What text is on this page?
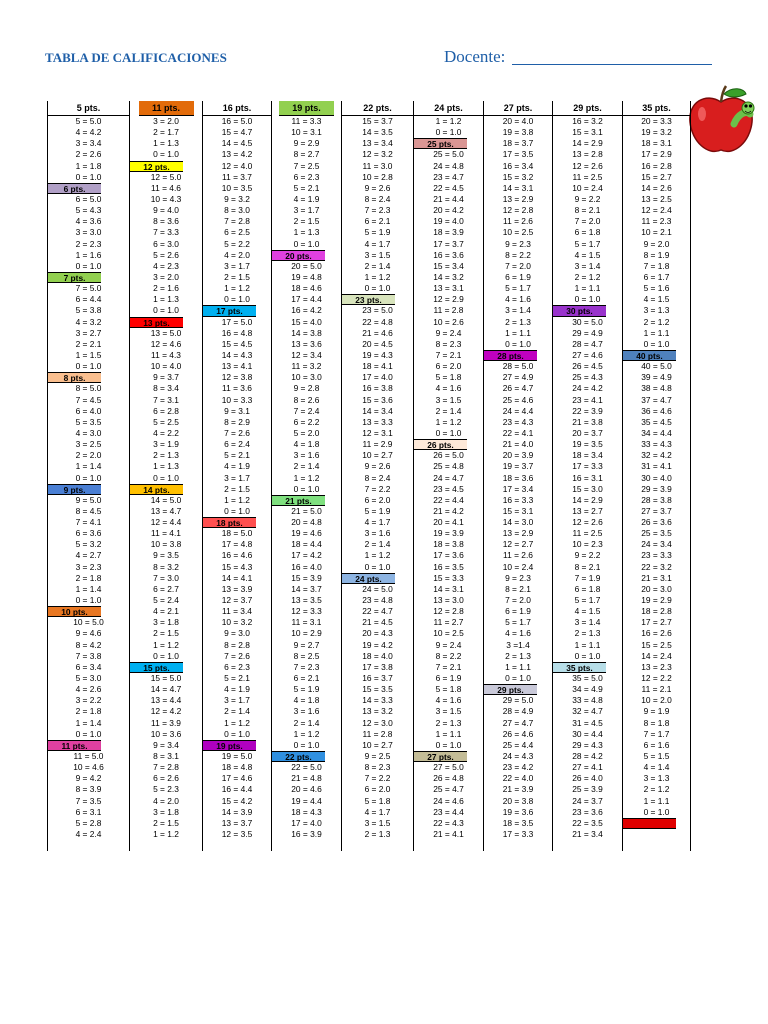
TABLA DE CALIFICACIONES	Docente:
5 pts.
5 = 5.0
4 = 4.2
3 = 3.4
2 = 2.6
1 = 1.8
0 = 1.0
6 pts.
6 = 5.0
5 = 4.3
4 = 3.6
3 = 3.0
2 = 2.3
1 = 1.6
0 = 1.0
7 pts.
7 = 5.0
6 = 4.4
5 = 3.8
4 = 3.2
3 = 2.7
2 = 2.1
1 = 1.5
0 = 1.0
8 pts.
8 = 5.0
7 = 4.5
6 = 4.0
5 = 3.5
4 = 3.0
3 = 2.5
2 = 2.0
1 = 1.4
0 = 1.0
9 pts.
9 = 5.0
8 = 4.5
7 = 4.1
6 = 3.6
5 = 3.2
4 = 2.7
3 = 2.3
2 = 1.8
1 = 1.4
0 = 1.0
10 pts.
10 = 5.0
9 = 4.6
8 = 4.2
7 = 3.8
6 = 3.4
5 = 3.0
4 = 2.6
3 = 2.2
2 = 1.8
1 = 1.4
0 = 1.0
11 pts.
11 = 5.0
10 = 4.6
9 = 4.2
8 = 3.9
7 = 3.5
6 = 3.1
5 = 2.8
4 = 2.4
11 pts.
3 = 2.0
2 = 1.7
1 = 1.3
0 = 1.0
12 pts.
12 = 5.0
11 = 4.6
10 = 4.3
9 = 4.0
8 = 3.6
7 = 3.3
6 = 3.0
5 = 2.6
4 = 2.3
3 = 2.0
2 = 1.6
1 = 1.3
0 = 1.0
13 pts.
13 = 5.0
12 = 4.6
11 = 4.3
10 = 4.0
9 = 3.7
8 = 3.4
7 = 3.1
6 = 2.8
5 = 2.5
4 = 2.2
3 = 1.9
2 = 1.3
1 = 1.3
0 = 1.0
14 pts.
14 = 5.0
13 = 4.7
12 = 4.4
11 = 4.1
10 = 3.8
9 = 3.5
8 = 3.2
7 = 3.0
6 = 2.7
5 = 2.4
4 = 2.1
3 = 1.8
2 = 1.5
1 = 1.2
0 = 1.0
15 pts.
15 = 5.0
14 = 4.7
13 = 4.4
12 = 4.2
11 = 3.9
10 = 3.6
9 = 3.4
8 = 3.1
7 = 2.8
6 = 2.6
5 = 2.3
4 = 2.0
3 = 1.8
2 = 1.5
1 = 1.2
16 pts.
16 = 5.0
15 = 4.7
14 = 4.5
13 = 4.2
12 = 4.0
11 = 3.7
10 = 3.5
9 = 3.2
8 = 3.0
7 = 2.8
6 = 2.5
5 = 2.2
4 = 2.0
3 = 1.7
2 = 1.5
1 = 1.2
0 = 1.0
17 pts.
17 = 5.0
16 = 4.8
15 = 4.5
14 = 4.3
13 = 4.1
12 = 3.8
11 = 3.6
10 = 3.3
9 = 3.1
8 = 2.9
7 = 2.6
6 = 2.4
5 = 2.1
4 = 1.9
3 = 1.7
2 = 1.5
1 = 1.2
0 = 1.0
18 pts.
18 = 5.0
17 = 4.8
16 = 4.6
15 = 4.3
14 = 4.1
13 = 3.9
12 = 3.7
11 = 3.4
10 = 3.2
9 = 3.0
8 = 2.8
7 = 2.6
6 = 2.3
5 = 2.1
4 = 1.9
3 = 1.7
2 = 1.4
1 = 1.2
0 = 1.0
19 pts.
19 = 5.0
18 = 4.8
17 = 4.6
16 = 4.4
15 = 4.2
14 = 3.9
13 = 3.7
12 = 3.5
19 pts.
11 = 3.3
10 = 3.1
9 = 2.9
8 = 2.7
7 = 2.5
6 = 2.3
5 = 2.1
4 = 1.9
3 = 1.7
2 = 1.5
1 = 1.3
0 = 1.0
20 pts.
20 = 5.0
19 = 4.8
18 = 4.6
17 = 4.4
16 = 4.2
15 = 4.0
14 = 3.8
13 = 3.6
12 = 3.4
11 = 3.2
10 = 3.0
9 = 2.8
8 = 2.6
7 = 2.4
6 = 2.2
5 = 2.0
4 = 1.8
3 = 1.6
2 = 1.4
1 = 1.2
0 = 1.0
21 pts.
21 = 5.0
20 = 4.8
19 = 4.6
18 = 4.4
17 = 4.2
16 = 4.0
15 = 3.9
14 = 3.7
13 = 3.5
12 = 3.3
11 = 3.1
10 = 2.9
9 = 2.7
8 = 2.5
7 = 2.3
6 = 2.1
5 = 1.9
4 = 1.8
3 = 1.6
2 = 1.4
1 = 1.2
0 = 1.0
22 pts.
22 = 5.0
21 = 4.8
20 = 4.6
19 = 4.4
18 = 4.3
17 = 4.0
16 = 3.9
22 pts.
15 = 3.7
14 = 3.5
13 = 3.4
12 = 3.2
11 = 3.0
10 = 2.8
9 = 2.6
8 = 2.4
7 = 2.3
6 = 2.1
5 = 1.9
4 = 1.7
3 = 1.5
2 = 1.4
1 = 1.2
0 = 1.0
23 pts.
23 = 5.0
22 = 4.8
21 = 4.6
20 = 4.5
19 = 4.3
18 = 4.1
17 = 4.0
16 = 3.8
15 = 3.6
14 = 3.4
13 = 3.3
12 = 3.1
11 = 2.9
10 = 2.7
9 = 2.6
8 = 2.4
7 = 2.2
6 = 2.0
5 = 1.9
4 = 1.7
3 = 1.6
2 = 1.4
1 = 1.2
0 = 1.0
24 pts.
24 = 5.0
23 = 4.8
22 = 4.7
21 = 4.5
20 = 4.3
19 = 4.2
18 = 4.0
17 = 3.8
16 = 3.7
15 = 3.5
14 = 3.3
13 = 3.2
12 = 3.0
11 = 2.8
10 = 2.7
9 = 2.5
8 = 2.3
7 = 2.2
6 = 2.0
5 = 1.8
4 = 1.7
3 = 1.5
2 = 1.3
24 pts.
1 = 1.2
0 = 1.0
25 pts.
25 = 5.0
24 = 4.8
23 = 4.7
22 = 4.5
21 = 4.4
20 = 4.2
19 = 4.0
18 = 3.9
17 = 3.7
16 = 3.6
15 = 3.4
14 = 3.2
13 = 3.1
12 = 2.9
11 = 2.8
10 = 2.6
9 = 2.4
8 = 2.3
7 = 2.1
6 = 2.0
5 = 1.8
4 = 1.6
3 = 1.5
2 = 1.4
1 = 1.2
0 = 1.0
26 pts.
26 = 5.0
25 = 4.8
24 = 4.7
23 = 4.5
22 = 4.4
21 = 4.2
20 = 4.1
19 = 3.9
18 = 3.8
17 = 3.6
16 = 3.5
15 = 3.3
14 = 3.1
13 = 3.0
12 = 2.8
11 = 2.7
10 = 2.5
9 = 2.4
8 = 2.2
7 = 2.1
6 = 1.9
5 = 1.8
4 = 1.6
3 = 1.5
2 = 1.3
1 = 1.1
0 = 1.0
27 pts.
27 = 5.0
26 = 4.8
25 = 4.7
24 = 4.6
23 = 4.4
22 = 4.3
21 = 4.1
27 pts.
20 = 4.0
19 = 3.8
18 = 3.7
17 = 3.5
16 = 3.4
15 = 3.2
14 = 3.1
13 = 2.9
12 = 2.8
11 = 2.6
10 = 2.5
9 = 2.3
8 = 2.2
7 = 2.0
6 = 1.9
5 = 1.7
4 = 1.6
3 = 1.4
2 = 1.3
1 = 1.1
0 = 1.0
28 pts.
28 = 5.0
27 = 4.9
26 = 4.7
25 = 4.6
24 = 4.4
23 = 4.3
22 = 4.1
21 = 4.0
20 = 3.9
19 = 3.7
18 = 3.6
17 = 3.4
16 = 3.3
15 = 3.1
14 = 3.0
13 = 2.9
12 = 2.7
11 = 2.6
10 = 2.4
9 = 2.3
8 = 2.1
7 = 2.0
6 = 1.9
5 = 1.7
4 = 1.6
3 =1.4
2 = 1.3
1 = 1.1
0 = 1.0
29 pts.
29 = 5.0
28 = 4.9
27 = 4.7
26 = 4.6
25 = 4.4
24 = 4.3
23 = 4.2
22 = 4.0
21 = 3.9
20 = 3.8
19 = 3.6
18 = 3.5
17 = 3.3
29 pts.
16 = 3.2
15 = 3.1
14 = 2.9
13 = 2.8
12 = 2.6
11 = 2.5
10 = 2.4
9 = 2.2
8 = 2.1
7 = 2.0
6 = 1.8
5 = 1.7
4 = 1.5
3 = 1.4
2 = 1.2
1 = 1.1
0 = 1.0
30 pts.
30 = 5.0
29 = 4.9
28 = 4.7
27 = 4.6
26 = 4.5
25 = 4.3
24 = 4.2
23 = 4.1
22 = 3.9
21 = 3.8
20 = 3.7
19 = 3.5
18 = 3.4
17 = 3.3
16 = 3.1
15 = 3.0
14 = 2.9
13 = 2.7
12 = 2.6
11 = 2.5
10 = 2.3
9 = 2.2
8 = 2.1
7 = 1.9
6 = 1.8
5 = 1.7
4 = 1.5
3 = 1.4
2 = 1.3
1 = 1.1
0 = 1.0
35 pts.
35 = 5.0
34 = 4.9
33 = 4.8
32 = 4.7
31 = 4.5
30 = 4.4
29 = 4.3
28 = 4.2
27 = 4.1
26 = 4.0
25 = 3.9
24 = 3.7
23 = 3.6
22 = 3.5
21 = 3.4
35 pts.
20 = 3.3
19 = 3.2
18 = 3.1
17 = 2.9
16 = 2.8
15 = 2.7
14 = 2.6
13 = 2.5
12 = 2.4
11 = 2.3
10 = 2.1
9 = 2.0
8 = 1.9
7 = 1.8
6 = 1.7
5 = 1.6
4 = 1.5
3 = 1.3
2 = 1.2
1 = 1.1
0 = 1.0
40 pts.
40 = 5.0
39 = 4.9
38 = 4.8
37 = 4.7
36 = 4.6
35 = 4.5
34 = 4.4
33 = 4.3
32 = 4.2
31 = 4.1
30 = 4.0
29 = 3.9
28 = 3.8
27 = 3.7
26 = 3.6
25 = 3.5
24 = 3.4
23 = 3.3
22 = 3.2
21 = 3.1
20 = 3.0
19 = 2.9
18 = 2.8
17 = 2.7
16 = 2.6
15 = 2.5
14 = 2.4
13 = 2.3
12 = 2.2
11 = 2.1
10 = 2.0
9 = 1.9
8 = 1.8
7 = 1.7
6 = 1.6
5 = 1.5
4 = 1.4
3 = 1.3
2 = 1.2
1 = 1.1
0 = 1.0
